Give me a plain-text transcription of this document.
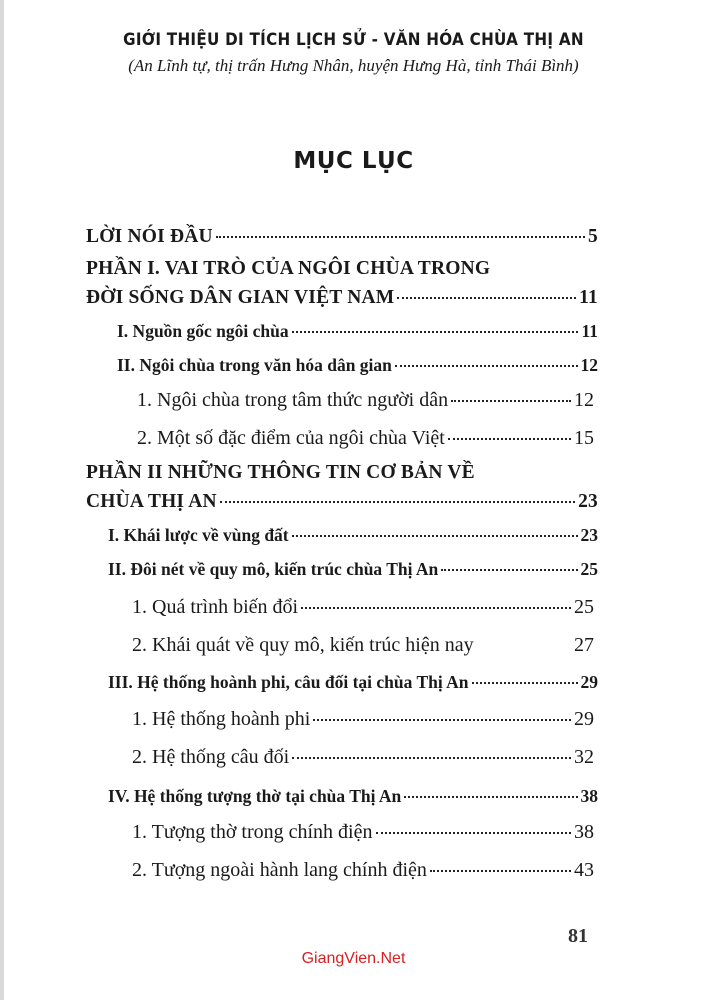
GIỚI THIỆU DI TÍCH LỊCH SỬ - VĂN HÓA CHÙA THỊ AN
(An Lĩnh tự, thị trấn Hưng Nhân, huyện Hưng Hà, tỉnh Thái Bình)
MỤC LỤC
LỜI NÓI ĐẦU	5
PHẦN I. VAI TRÒ CỦA NGÔI CHÙA TRONG
ĐỜI SỐNG DÂN GIAN VIỆT NAM	11
I. Nguồn gốc ngôi chùa	11
II. Ngôi chùa trong văn hóa dân gian	12
1. Ngôi chùa trong tâm thức người dân	12
2. Một số đặc điểm của ngôi chùa Việt	15
PHẦN II NHỮNG THÔNG TIN CƠ BẢN VỀ
CHÙA THỊ AN	23
I. Khái lược về vùng đất	23
II. Đôi nét về quy mô, kiến trúc chùa Thị An	25
1. Quá trình biến đổi	25
2. Khái quát về quy mô, kiến trúc hiện nay	27
III. Hệ thống hoành phi, câu đối tại chùa Thị An	29
1. Hệ thống hoành phi	29
2. Hệ thống câu đối	32
IV. Hệ thống tượng thờ tại chùa Thị An	38
1. Tượng thờ trong chính điện	38
2. Tượng ngoài hành lang chính điện	43
81
GiangVien.Net
